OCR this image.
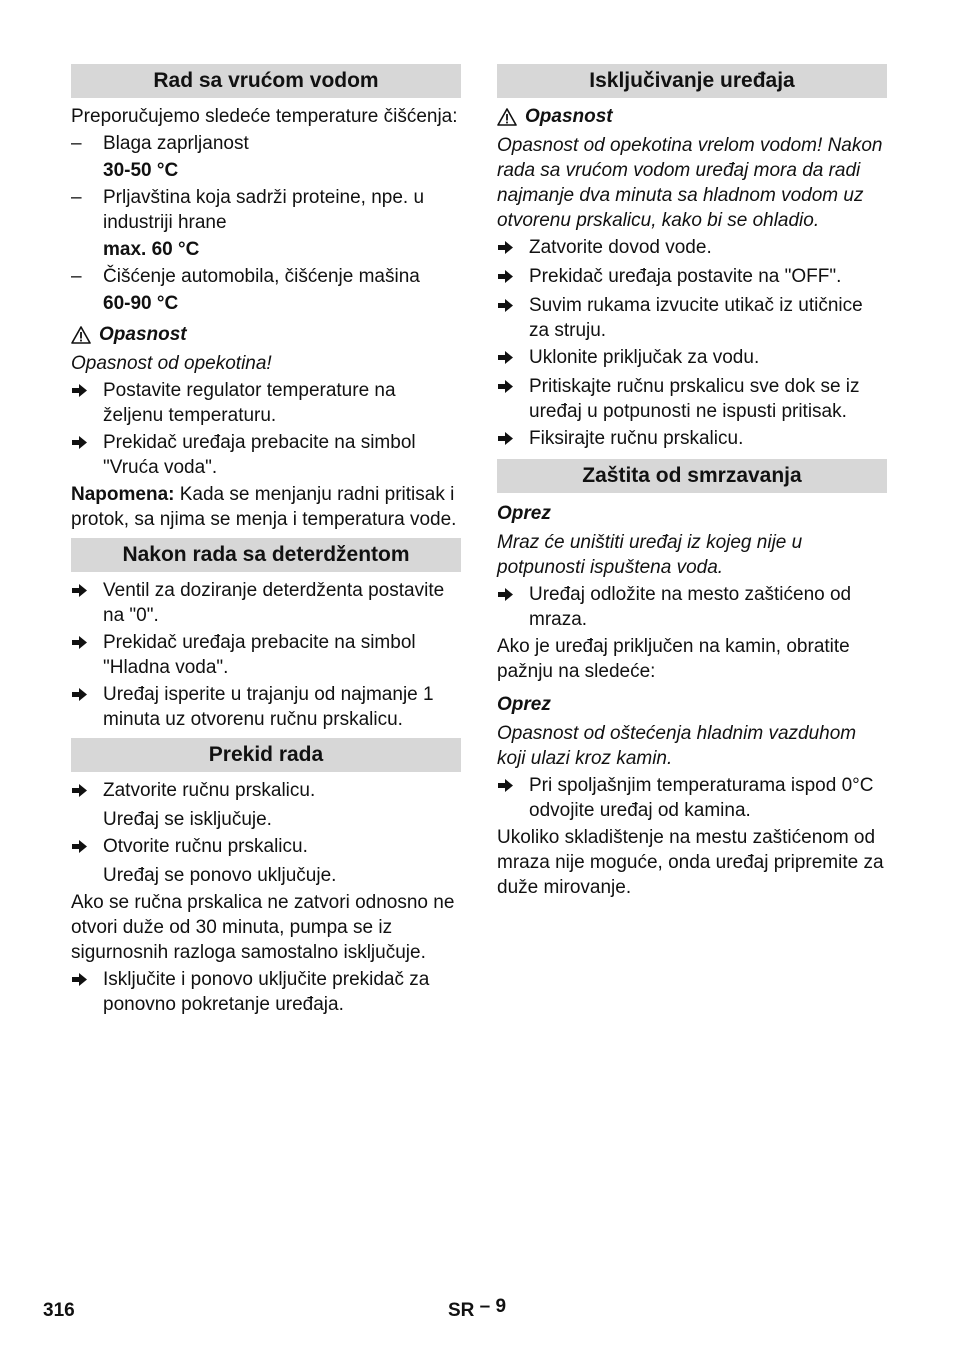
Rad sa vrućom vodom
Preporučujemo sledeće temperature čišćenja:
–	Blaga zaprljanost
30-50 °C
–	Prljavština koja sadrži proteine, npe. u industriji hrane
max. 60 °C
–	Čišćenje automobila, čišćenje mašina
60-90 °C
Opasnost
Opasnost od opekotina!
Postavite regulator temperature na željenu temperaturu.
Prekidač uređaja prebacite na simbol "Vruća voda".
Napomena: Kada se menjanju radni pritisak i protok, sa njima se menja i temperatura vode.
Nakon rada sa deterdžentom
Ventil za doziranje deterdženta postavite na "0".
Prekidač uređaja prebacite na simbol "Hladna voda".
Uređaj isperite u trajanju od najmanje 1 minuta uz otvorenu ručnu prskalicu.
Prekid rada
Zatvorite ručnu prskalicu.
Uređaj se isključuje.
Otvorite ručnu prskalicu.
Uređaj se ponovo uključuje.
Ako se ručna prskalica ne zatvori odnosno ne otvori duže od 30 minuta, pumpa se iz sigurnosnih razloga samostalno isključuje.
Isključite i ponovo uključite prekidač za ponovno pokretanje uređaja.
Isključivanje uređaja
Opasnost
Opasnost od opekotina vrelom vodom! Nakon rada sa vrućom vodom uređaj mora da radi najmanje dva minuta sa hladnom vodom uz otvorenu prskalicu, kako bi se ohladio.
Zatvorite dovod vode.
Prekidač uređaja postavite na "OFF".
Suvim rukama izvucite utikač iz utičnice za struju.
Uklonite priključak za vodu.
Pritiskajte ručnu prskalicu sve dok se iz uređaj u potpunosti ne ispusti pritisak.
Fiksirajte ručnu prskalicu.
Zaštita od smrzavanja
Oprez
Mraz će uništiti uređaj iz kojeg nije u potpunosti ispuštena voda.
Uređaj odložite na mesto zaštićeno od mraza.
Ako je uređaj priključen na kamin, obratite pažnju na sledeće:
Oprez
Opasnost od oštećenja hladnim vazduhom koji ulazi kroz kamin.
Pri spoljašnjim temperaturama ispod 0°C odvojite uređaj od kamina.
Ukoliko skladištenje na mestu zaštićenom od mraza nije moguće, onda uređaj pripremite za duže mirovanje.
316	SR – 9
